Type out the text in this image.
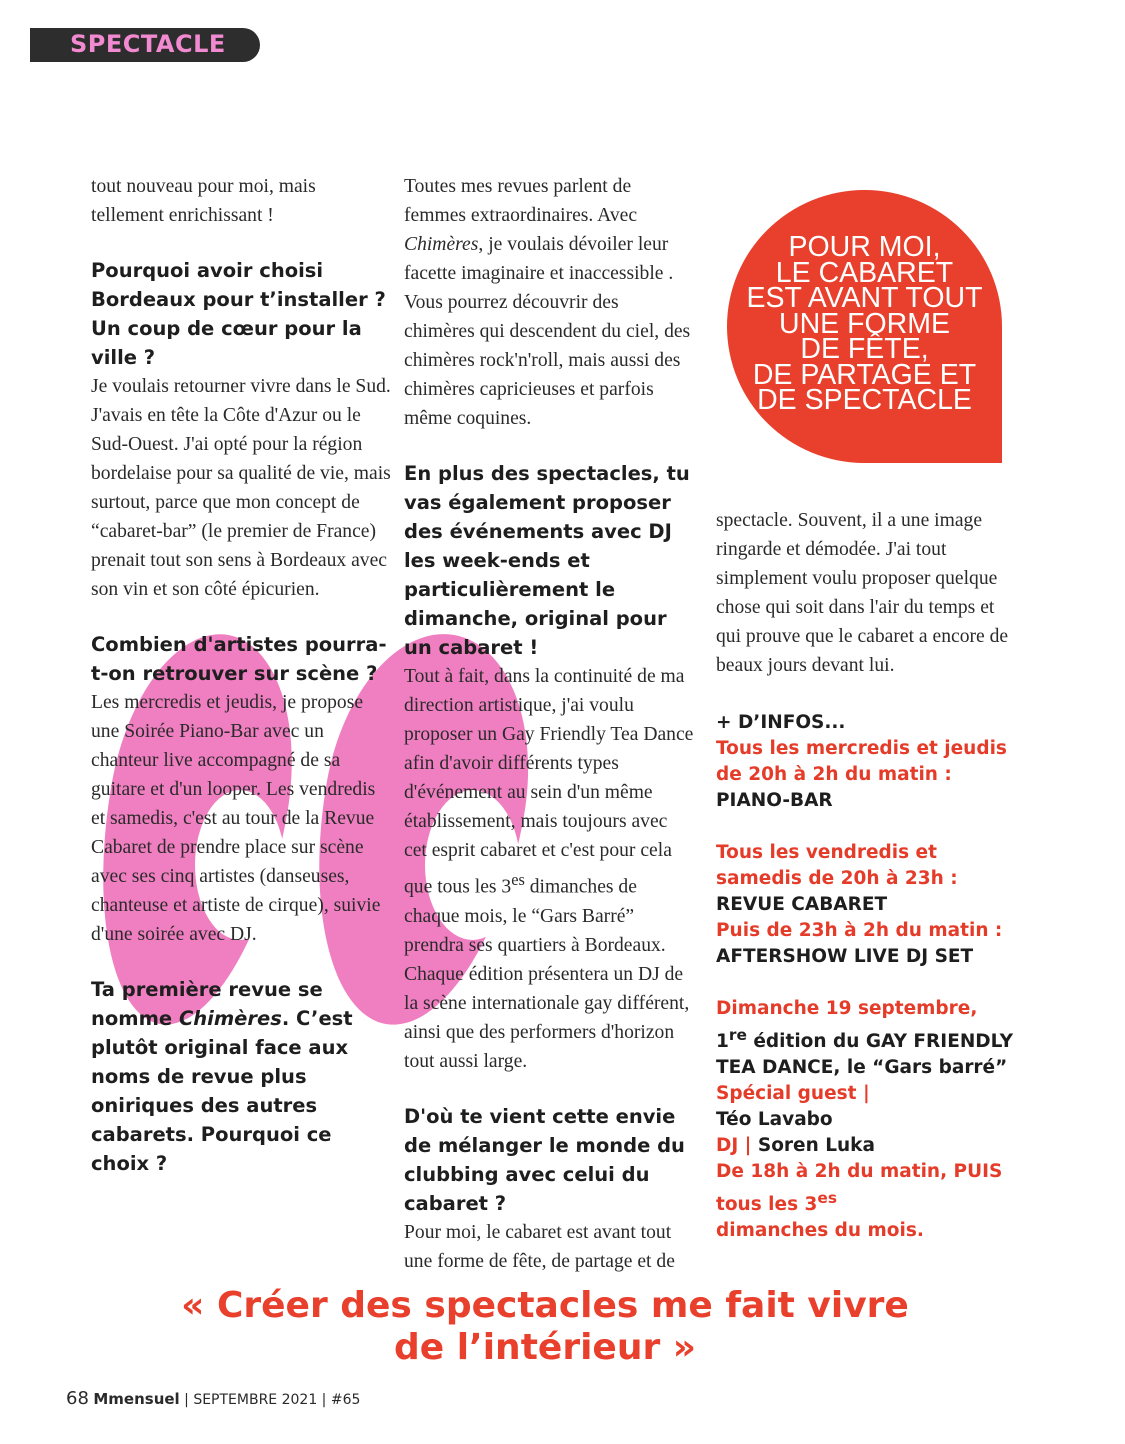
SPECTACLE

tout nouveau pour moi, mais tellement enrichissant !

Pourquoi avoir choisi Bordeaux pour t’installer ? Un coup de cœur pour la ville ?

Je voulais retourner vivre dans le Sud. J'avais en tête la Côte d'Azur ou le Sud-Ouest. J'ai opté pour la région bordelaise pour sa qualité de vie, mais surtout, parce que mon concept de “cabaret-bar” (le premier de France) prenait tout son sens à Bordeaux avec son vin et son côté épicurien.

Combien d'artistes pourra-t-on retrouver sur scène ?

Les mercredis et jeudis, je propose une Soirée Piano-Bar avec un chanteur live accompagné de sa guitare et d'un looper. Les vendredis et samedis, c'est au tour de la Revue Cabaret de prendre place sur scène avec ses cinq artistes (danseuses, chanteuse et artiste de cirque), suivie d'une soirée avec DJ.

Ta première revue se nomme Chimères. C’est plutôt original face aux noms de revue plus oniriques des autres cabarets. Pourquoi ce choix ?

Toutes mes revues parlent de femmes extraordinaires. Avec Chimères, je voulais dévoiler leur facette imaginaire et inaccessible . Vous pourrez découvrir des chimères qui descendent du ciel, des chimères rock'n'roll, mais aussi des chimères capricieuses et parfois même coquines.

En plus des spectacles, tu vas également proposer des événements avec DJ les week-ends et particulièrement le dimanche, original pour un cabaret !

Tout à fait, dans la continuité de ma direction artistique, j'ai voulu proposer un Gay Friendly Tea Dance afin d'avoir différents types d'événement au sein d'un même établissement, mais toujours avec cet esprit cabaret et c'est pour cela que tous les $3^{es}$ dimanches de chaque mois, le “Gars Barré” prendra ses quartiers à Bordeaux. Chaque édition présentera un DJ de la scène internationale gay différent, ainsi que des performers d'horizon tout aussi large.

D'où te vient cette envie de mélanger le monde du clubbing avec celui du cabaret ?

Pour moi, le cabaret est avant tout une forme de fête, de partage et de

POUR MOI,
LE CABARET
EST AVANT TOUT
UNE FORME
DE FÊTE,
DE PARTAGE ET
DE SPECTACLE

spectacle. Souvent, il a une image ringarde et démodée. J'ai tout simplement voulu proposer quelque chose qui soit dans l'air du temps et qui prouve que le cabaret a encore de beaux jours devant lui.

+ D’INFOS...
Tous les mercredis et jeudis de 20h à 2h du matin : PIANO-BAR
Tous les vendredis et samedis de 20h à 23h :
REVUE CABARET
Puis de 23h à 2h du matin :
AFTERSHOW LIVE DJ SET
Dimanche 19 septembre,
1re édition du GAY FRIENDLY TEA DANCE, le “Gars barré”
Spécial guest |
Téo Lavabo
DJ | Soren Luka
De 18h à 2h du matin, PUIS tous les $3^{es}$
dimanches du mois.
« Créer des spectacles me fait vivre
de l’intérieur »
68 Mmensuel | SEPTEMBRE 2021 | #65
